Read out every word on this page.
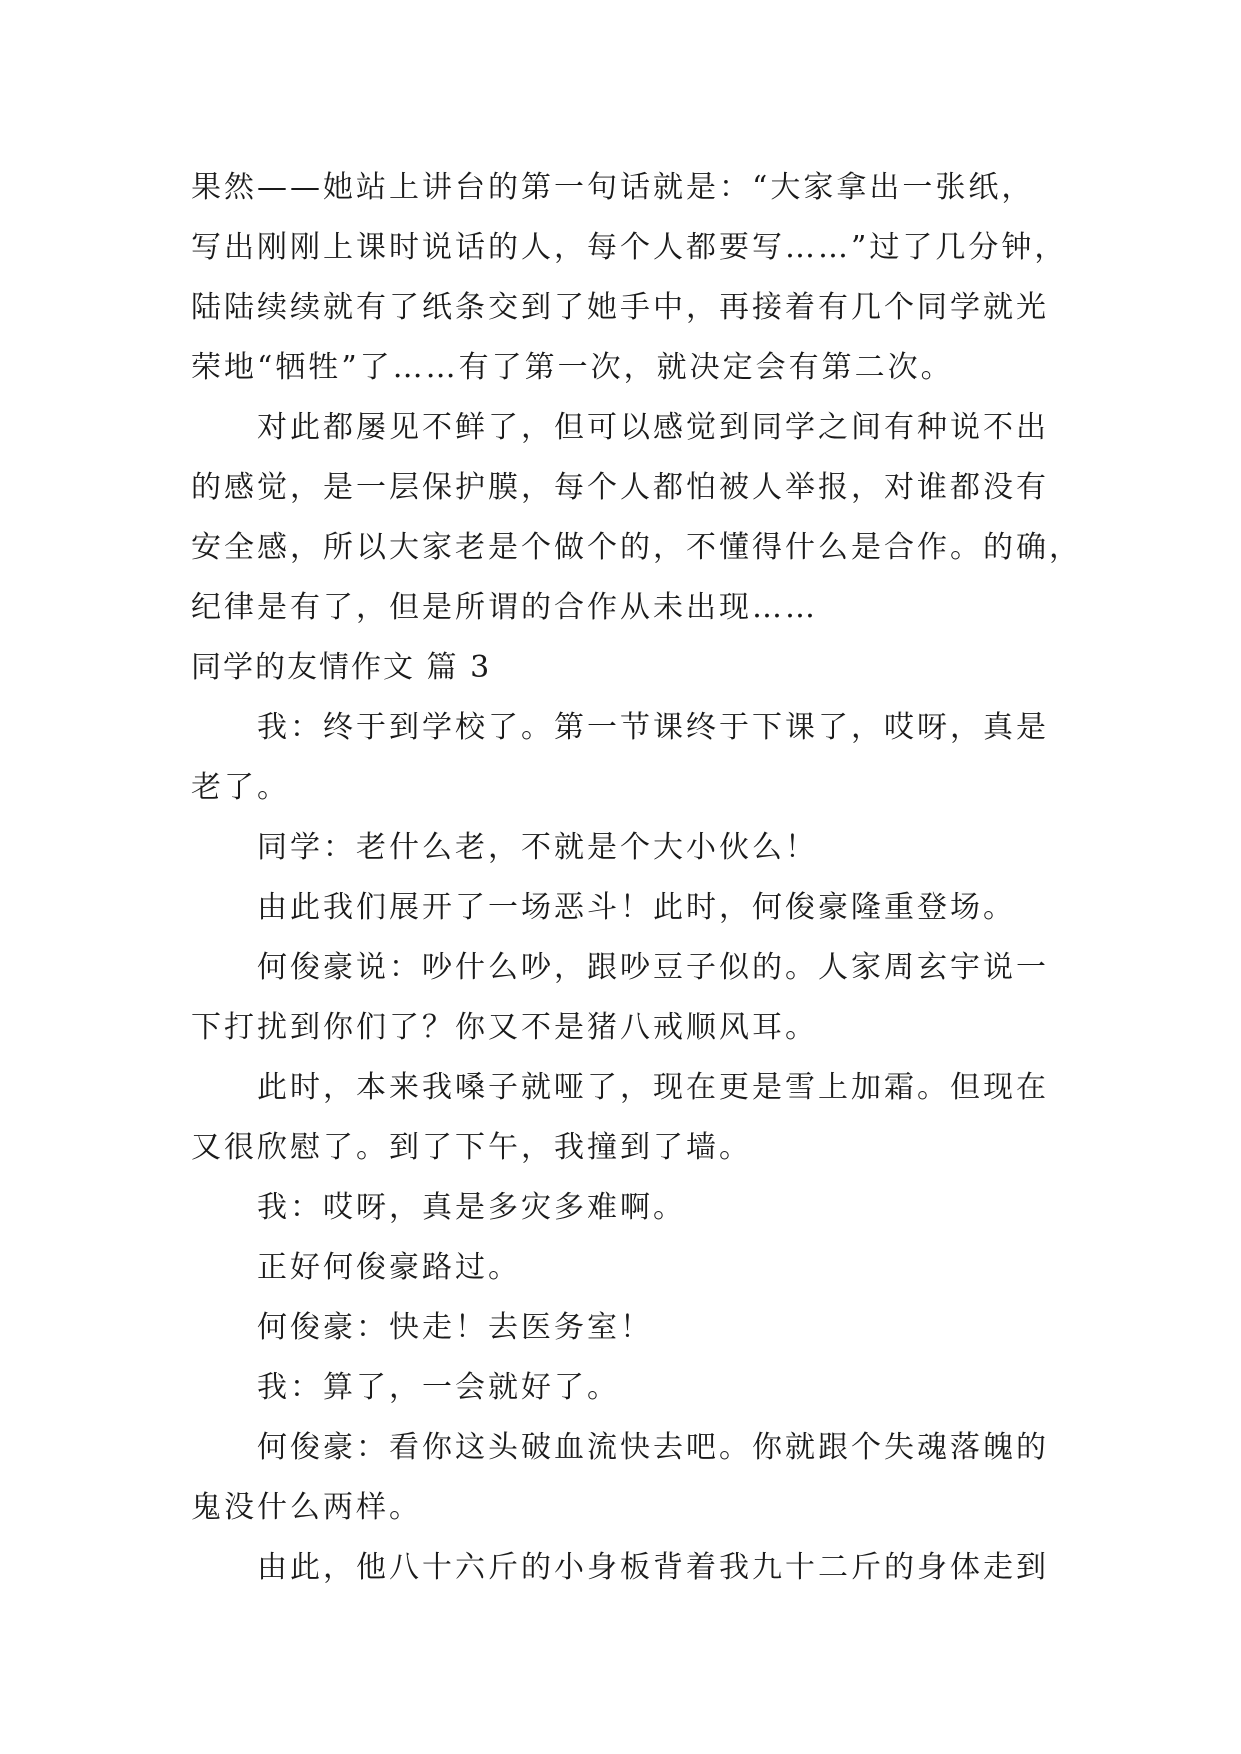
果然——她站上讲台的第一句话就是：“大家拿出一张纸，
写出刚刚上课时说话的人，每个人都要写……”过了几分钟，
陆陆续续就有了纸条交到了她手中，再接着有几个同学就光
荣地“牺牲”了……有了第一次，就决定会有第二次。
对此都屡见不鲜了，但可以感觉到同学之间有种说不出
的感觉，是一层保护膜，每个人都怕被人举报，对谁都没有
安全感，所以大家老是个做个的，不懂得什么是合作。的确，
纪律是有了，但是所谓的合作从未出现……
同学的友情作文 篇 3
我：终于到学校了。第一节课终于下课了，哎呀，真是
老了。
同学：老什么老，不就是个大小伙么！
由此我们展开了一场恶斗！此时，何俊豪隆重登场。
何俊豪说：吵什么吵，跟吵豆子似的。人家周玄宇说一
下打扰到你们了？你又不是猪八戒顺风耳。
此时，本来我嗓子就哑了，现在更是雪上加霜。但现在
又很欣慰了。到了下午，我撞到了墙。
我：哎呀，真是多灾多难啊。
正好何俊豪路过。
何俊豪：快走！去医务室！
我：算了，一会就好了。
何俊豪：看你这头破血流快去吧。你就跟个失魂落魄的
鬼没什么两样。
由此，他八十六斤的小身板背着我九十二斤的身体走到
